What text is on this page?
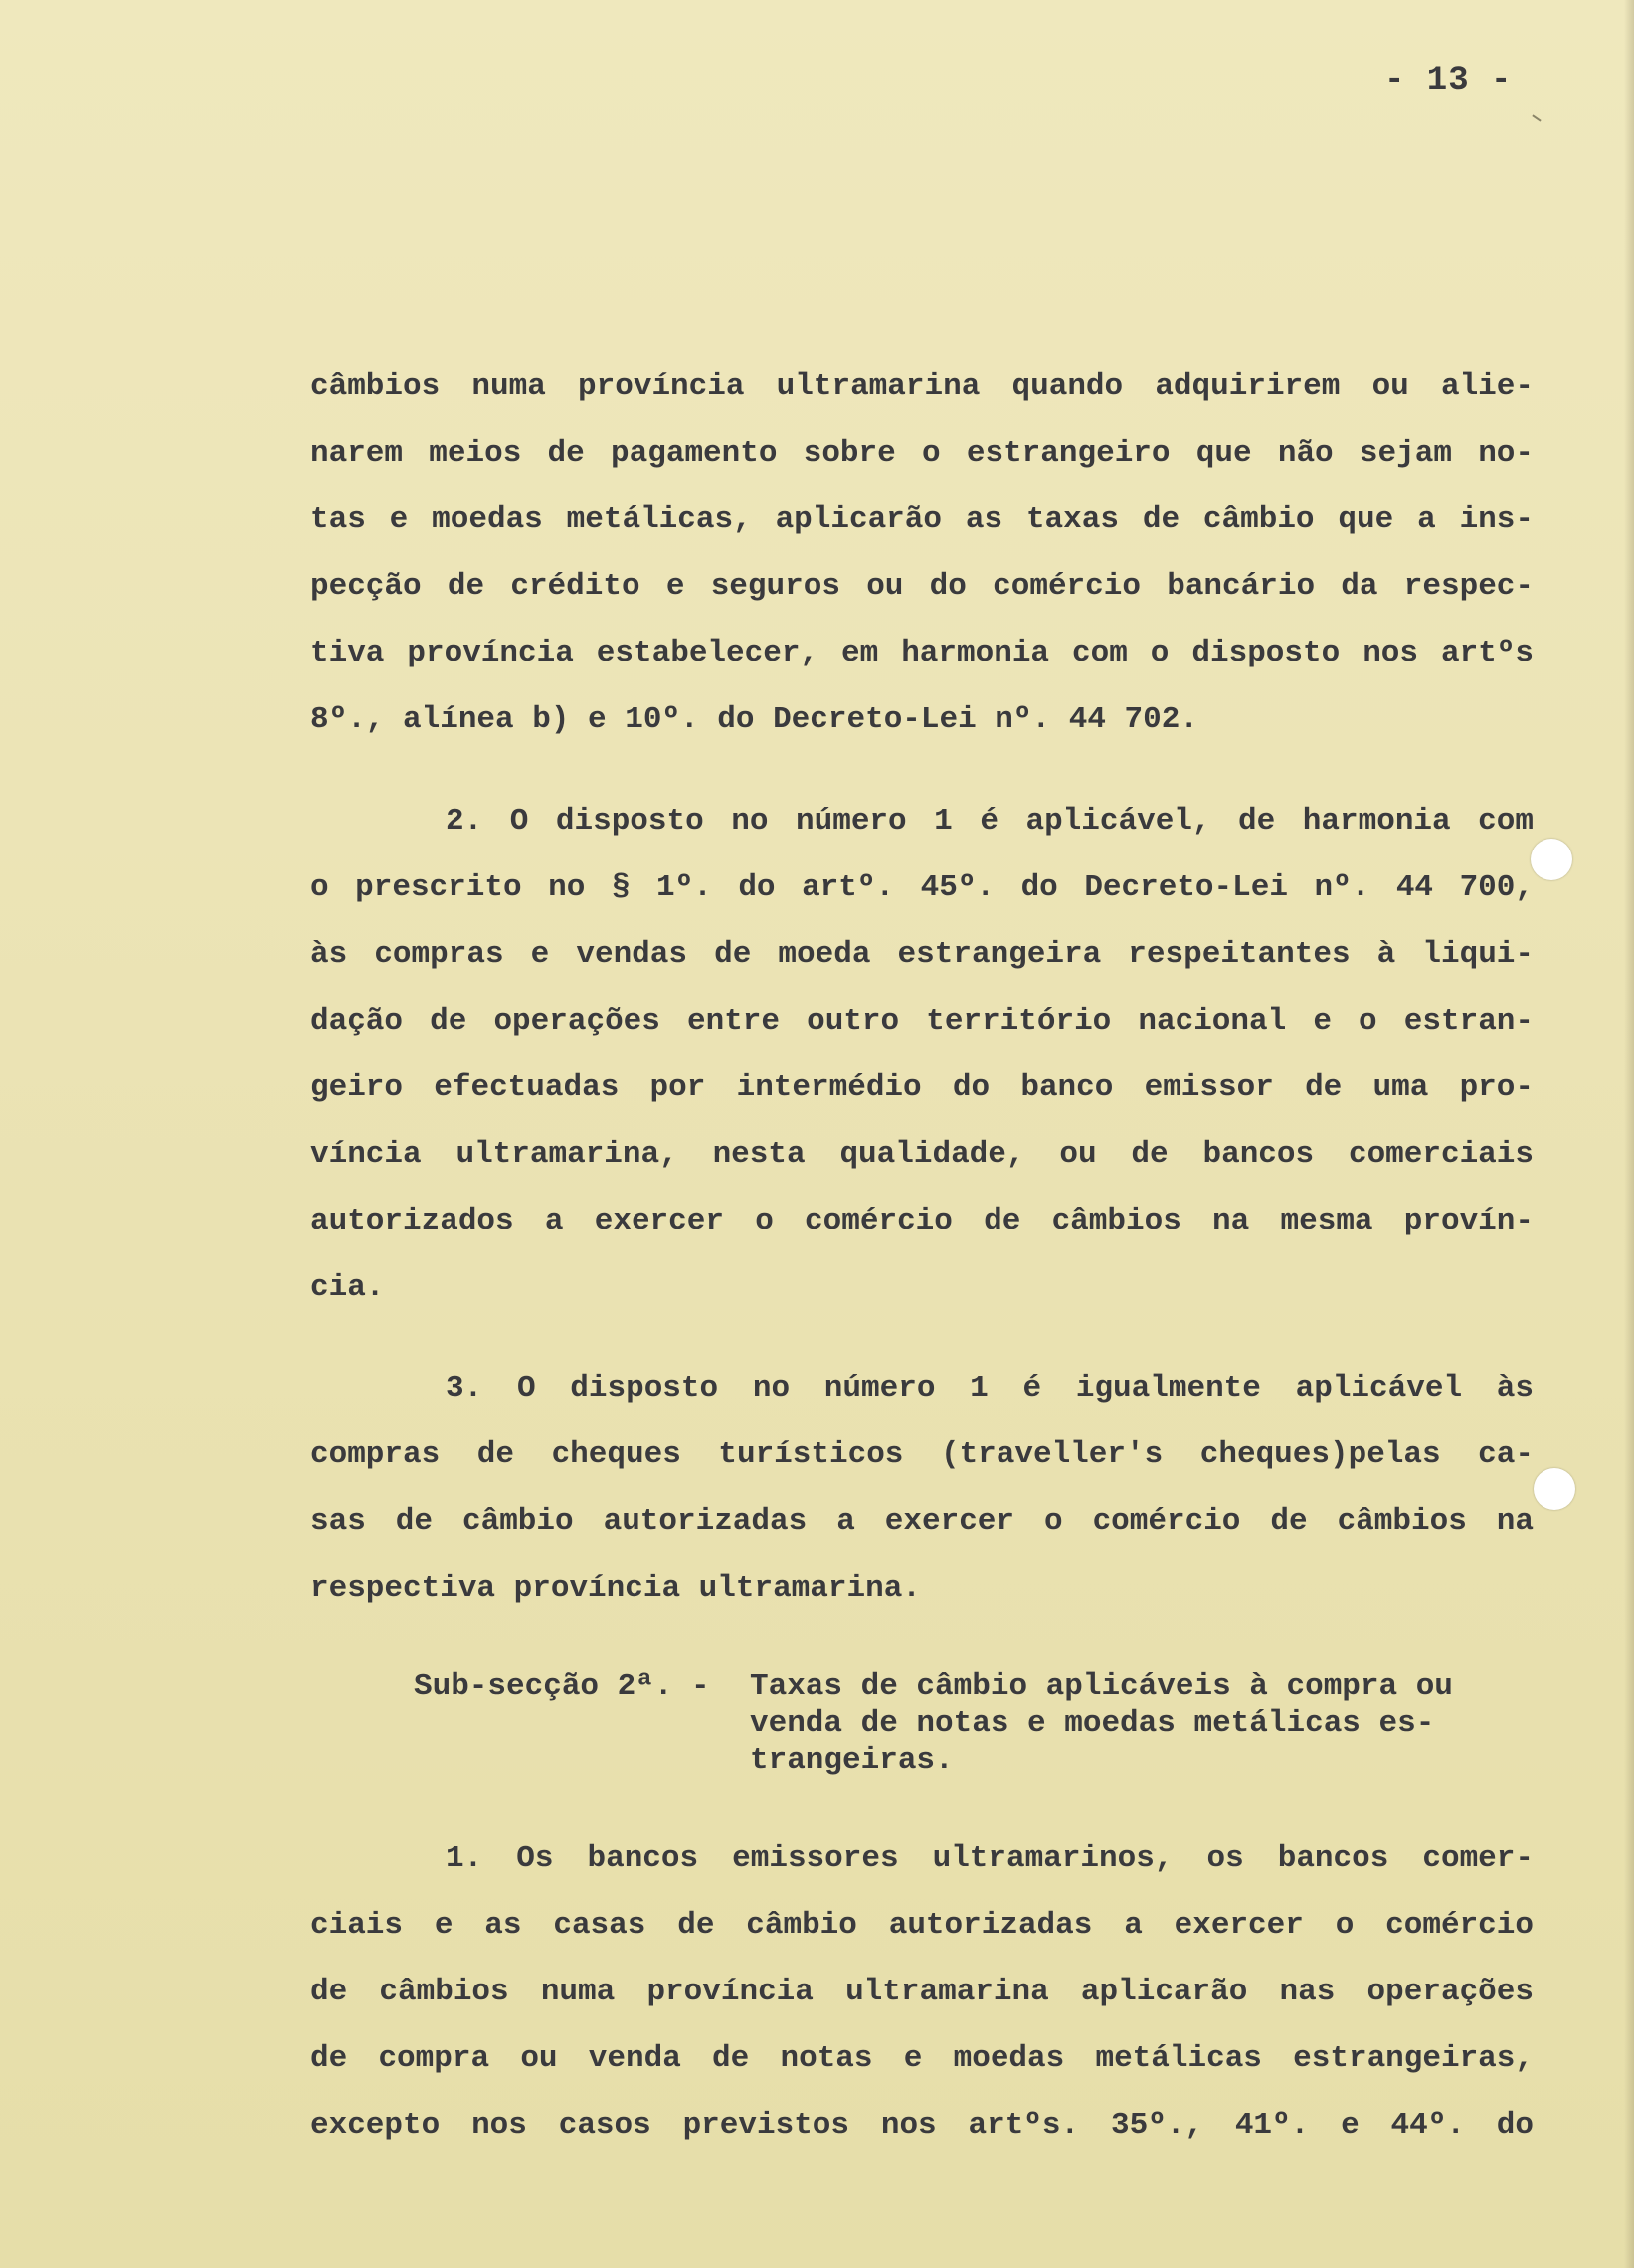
- 13 -
câmbios numa província ultramarina quando adquirirem ou alie-
narem meios de pagamento sobre o estrangeiro que não sejam no-
tas e moedas metálicas, aplicarão as taxas de câmbio que a ins-
pecção de crédito e seguros ou do comércio bancário da respec-
tiva província estabelecer, em harmonia com o disposto nos artºs
8º., alínea b) e 10º. do Decreto-Lei nº. 44 702.
2. O disposto no número 1 é aplicável, de harmonia com
o prescrito no § 1º. do artº. 45º. do Decreto-Lei nº. 44 700,
às compras e vendas de moeda estrangeira respeitantes à liqui-
dação de operações entre outro território nacional e o estran-
geiro efectuadas por intermédio do banco emissor de uma pro-
víncia ultramarina, nesta qualidade, ou de bancos comerciais
autorizados a exercer o comércio de câmbios na mesma provín-
cia.
3. O disposto no número 1 é igualmente aplicável às
compras de cheques turísticos (traveller's cheques)pelas ca-
sas de câmbio autorizadas a exercer o comércio de câmbios na
respectiva província ultramarina.
Sub-secção 2ª. - Taxas de câmbio aplicáveis à compra ou
venda de notas e moedas metálicas es-
trangeiras.
1. Os bancos emissores ultramarinos, os bancos comer-
ciais e as casas de câmbio autorizadas a exercer o comércio
de câmbios numa província ultramarina aplicarão nas operações
de compra ou venda de notas e moedas metálicas estrangeiras,
excepto nos casos previstos nos artºs. 35º., 41º. e 44º. do
